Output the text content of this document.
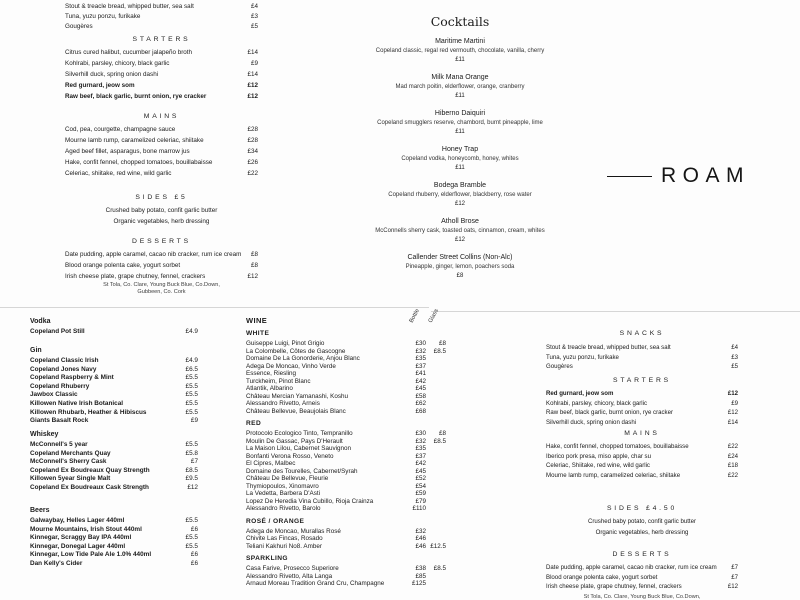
Stout & treacle bread, whipped butter, sea salt	£4
Tuna, yuzu ponzu, furikake	£3
Gougères	£5
STARTERS
Citrus cured halibut, cucumber jalapeño broth	£14
Kohlrabi, parsley, chicory, black garlic	£9
Silverhill duck, spring onion dashi	£14
Red gurnard, jeow som	£12
Raw beef, black garlic, burnt onion, rye cracker	£12
MAINS
Cod, pea, courgette, champagne sauce	£28
Mourne lamb rump, caramelized celeriac, shiitake	£28
Aged beef fillet, asparagus, bone marrow jus	£34
Hake, confit fennel, chopped tomatoes, bouillabaisse	£26
Celeriac, shiitake, red wine, wild garlic	£22
SIDES £5
Crushed baby potato, confit garlic butter
Organic vegetables, herb dressing
DESSERTS
Date pudding, apple caramel, cacao nib cracker, rum ice cream £8
Blood orange polenta cake, yogurt sorbet	£8
Irish cheese plate, grape chutney, fennel, crackers	£12
St Tola, Co. Clare, Young Buck Blue, Co.Down,
Gubbeen, Co. Cork
Cocktails
Maritime Martini
Copeland classic, regal red vermouth, chocolate, vanilla, cherry
£11
Milk Mana Orange
Mad march poitin, elderflower, orange, cranberry
£11
Hiberno Daiquiri
Copeland smugglers reserve, chambord, burnt pineapple, lime
£11
Honey Trap
Copeland vodka, honeycomb, honey, whites
£11
Bodega Bramble
Copeland rhuberry, elderflower, blackberry, rose water
£12
Atholl Brose
McConnells sherry cask, toasted oats, cinnamon, cream, whites
£12
Callender Street Collins (Non-Alc)
Pineapple, ginger, lemon, poachers soda
£8
ROAM
Vodka
Copeland Pot Still	£4.9
Gin
Copeland Classic Irish	£4.9
Copeland Jones Navy	£6.5
Copeland Raspberry & Mint	£5.5
Copeland Rhuberry	£5.5
Jawbox Classic	£5.5
Killowen Native Irish Botanical	£5.5
Killowen Rhubarb, Heather & Hibiscus	£5.5
Giants Basalt Rock	£9
Whiskey
McConnell's 5 year	£5.5
Copeland Merchants Quay	£5.8
McConnell's Sherry Cask	£7
Copeland Ex Boudreaux Quay Strength	£8.5
Killowen 5year Single Malt	£9.5
Copeland Ex Boudreaux Cask Strength	£12
Beers
Galwaybay, Helles Lager 440ml	£5.5
Mourne Mountains, Irish Stout 440ml	£6
Kinnegar, Scraggy Bay IPA 440ml	£5.5
Kinnegar, Donegal Lager 440ml	£5.5
Kinnegar, Low Tide Pale Ale 1.0% 440ml	£6
Dan Kelly's Cider	£6
Bottle Glass
WINE
WHITE
Guiseppe Luigi, Pinot Grigio	£30	£8
La Colombelle, Côtes de Gascogne	£32	£8.5
Domaine De La Gonorderie, Anjou Blanc	£35
Adega De Moncao, Vinho Verde	£37
Essence, Riesling	£41
Turckheim, Pinot Blanc	£42
Atlantik, Albarino	£45
Château Mercian Yamanashi, Koshu	£58
Alessandro Rivetto, Arneis	£62
Château Bellevue, Beaujolais Blanc	£68
RED
Protocolo Ecologico Tinto, Tempranillo	£30	£8
Moulin De Gassac, Pays D'Herault	£32	£8.5
La Maison Lilou, Cabernet Sauvignon	£35
Bonfanti Verona Rosso, Veneto	£37
El Cipres, Malbec	£42
Domaine des Tourelles, Cabernet/Syrah	£45
Château De Bellevue, Fleurie	£52
Thymiopoulos, Xinomavro	£54
La Vedetta, Barbera D'Asti	£59
Lopez De Heredia Vina Cubillo, Rioja Crainza	£79
Alessandro Rivetto, Barolo	£110
ROSÉ / ORANGE
Adega de Moncao, Murallas Rosé	£32
Chivite Las Fincas, Rosado	£46
Teliani Kakhuri No8. Amber	£46 £12.5
SPARKLING
Casa Farive, Prosecco Superiore	£38	£8.5
Alessandro Rivetto, Alta Langa	£85
Arnaud Moreau Tradition Grand Cru, Champagne	£125
SNACKS
Stout & treacle bread, whipped butter, sea salt	£4
Tuna, yuzu ponzu, furikake	£3
Gougères	£5
STARTERS
Red gurnard, jeow som	£12
Kohlrabi, parsley, chicory, black garlic	£9
Raw beef, black garlic, burnt onion, rye cracker	£12
Silverhill duck, spring onion dashi	£14
MAINS
Hake, confit fennel, chopped tomatoes, bouillabaisse	£22
Iberico pork presa, miso apple, char su	£24
Celeriac, Shiitake, red wine, wild garlic	£18
Mourne lamb rump, caramelized celeriac, shiitake	£22
SIDES £4.50
Crushed baby potato, confit garlic butter
Organic vegetables, herb dressing
DESSERTS
Date pudding, apple caramel, cacao nib cracker, rum ice cream £7
Blood orange polenta cake, yogurt sorbet	£7
Irish cheese plate, grape chutney, fennel, crackers	£12
St Tola, Co. Clare, Young Buck Blue, Co.Down,
